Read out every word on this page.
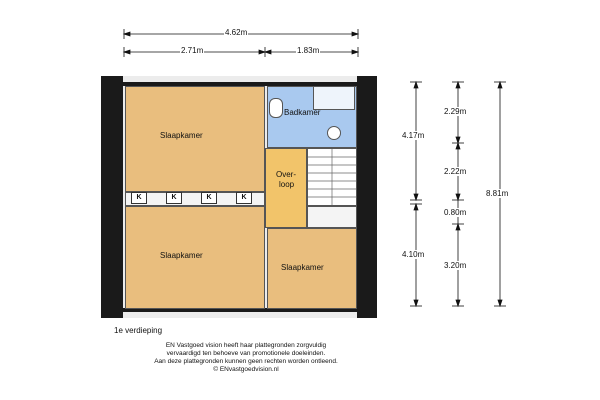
4.62m
2.71m	1.83m
4.17m
4.10m
2.29m
2.22m
0.80m
3.20m
8.81m
K	K	K	K
Slaapkamer
Slaapkamer
Slaapkamer
Badkamer
Over-
loop
1e verdieping
EN Vastgoed vision heeft haar plattegronden zorgvuldig
vervaardigd ten behoeve van promotionele doeleinden.
Aan deze plattegronden kunnen geen rechten worden ontleend.
© ENvastgoedvision.nl
